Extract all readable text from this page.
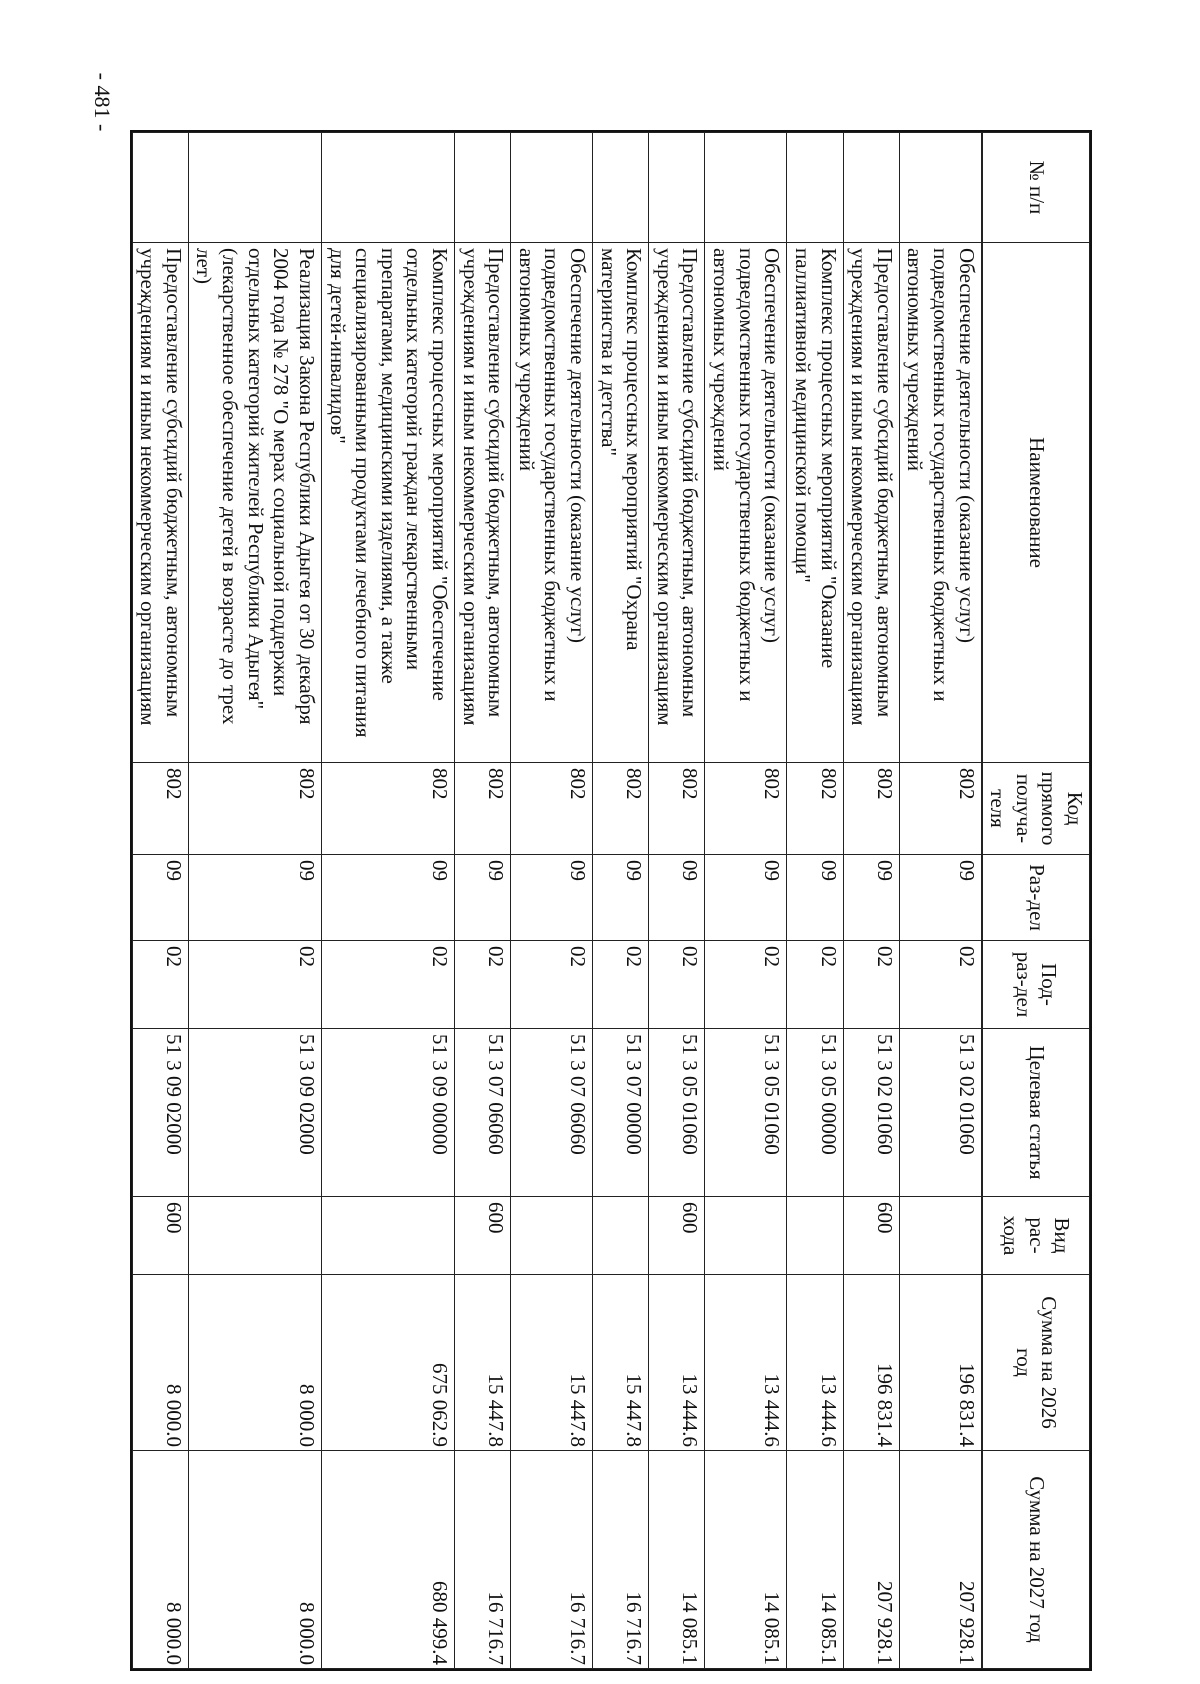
- 481 -
№ п/п	Наименование	Код прямого получа-теля	Раз-дел	Под-раз-дел	Целевая статья	Вид рас-хода	Сумма на 2026 год	Сумма на 2027 год
	Обеспечение деятельности (оказание услуг) подведомственных государственных бюджетных и автономных учреждений	802	09	02	51 3 02 01060		196 831.4	207 928.1
	Предоставление субсидий бюджетным, автономным учреждениям и иным некоммерческим организациям	802	09	02	51 3 02 01060	600	196 831.4	207 928.1
	Комплекс процессных мероприятий "Оказание паллиативной медицинской помощи"	802	09	02	51 3 05 00000		13 444.6	14 085.1
	Обеспечение деятельности (оказание услуг) подведомственных государственных бюджетных и автономных учреждений	802	09	02	51 3 05 01060		13 444.6	14 085.1
	Предоставление субсидий бюджетным, автономным учреждениям и иным некоммерческим организациям	802	09	02	51 3 05 01060	600	13 444.6	14 085.1
	Комплекс процессных мероприятий "Охрана материнства и детства"	802	09	02	51 3 07 00000		15 447.8	16 716.7
	Обеспечение деятельности (оказание услуг) подведомственных государственных бюджетных и автономных учреждений	802	09	02	51 3 07 06060		15 447.8	16 716.7
	Предоставление субсидий бюджетным, автономным учреждениям и иным некоммерческим организациям	802	09	02	51 3 07 06060	600	15 447.8	16 716.7
	Комплекс процессных мероприятий "Обеспечение отдельных категорий граждан лекарственными препаратами, медицинскими изделиями, а также специализированными продуктами лечебного питания для детей-инвалидов"	802	09	02	51 3 09 00000		675 062.9	680 499.4
	Реализация Закона Республики Адыгея от 30 декабря 2004 года № 278 "О мерах социальной поддержки отдельных категорий жителей Республики Адыгея" (лекарственное обеспечение детей в возрасте до трех лет)	802	09	02	51 3 09 02000		8 000.0	8 000.0
	Предоставление субсидий бюджетным, автономным учреждениям и иным некоммерческим организациям	802	09	02	51 3 09 02000	600	8 000.0	8 000.0
